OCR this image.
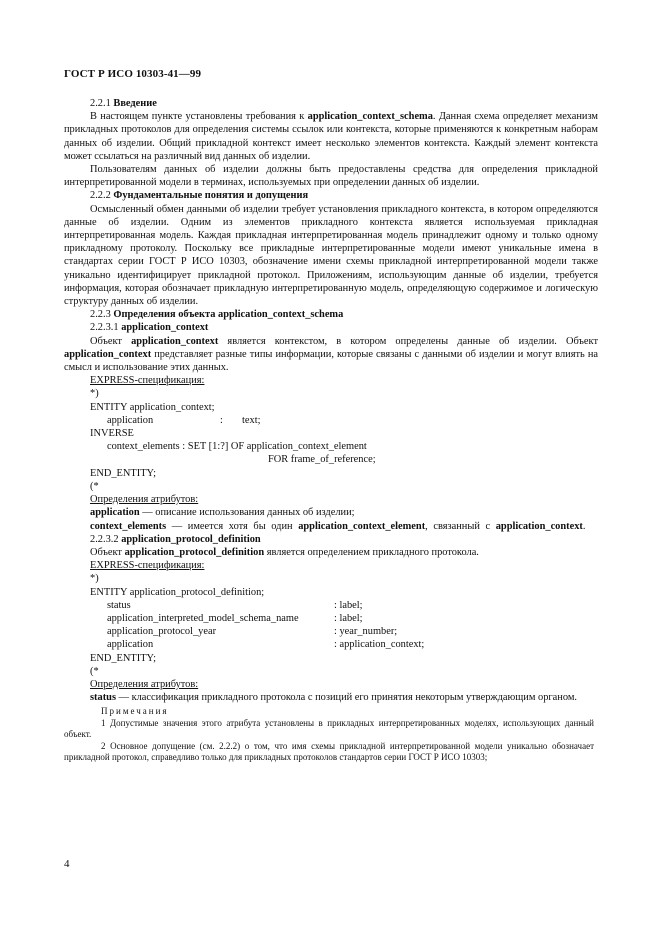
ГОСТ Р ИСО 10303-41—99

2.2.1 Введение

В настоящем пункте установлены требования к application_context_schema. Данная схема определяет механизм прикладных протоколов для определения системы ссылок или контекста, которые применяются к конкретным наборам данных об изделии. Общий прикладной контекст имеет несколько элементов контекста. Каждый элемент контекста может ссылаться на различный вид данных об изделии.

Пользователям данных об изделии должны быть предоставлены средства для определения прикладной интерпретированной модели в терминах, используемых при определении данных об изделии.

2.2.2 Фундаментальные понятия и допущения

Осмысленный обмен данными об изделии требует установления прикладного контекста, в котором определяются данные об изделии. Одним из элементов прикладного контекста является используемая прикладная интерпретированная модель. Каждая прикладная интерпретированная модель принадлежит одному и только одному прикладному протоколу. Поскольку все прикладные интерпретированные модели имеют уникальные имена в стандартах серии ГОСТ Р ИСО 10303, обозначение имени схемы прикладной интерпретированной модели также уникально идентифицирует прикладной протокол. Приложениям, использующим данные об изделии, требуется информация, которая обозначает прикладную интерпретированную модель, определяющую содержимое и логическую структуру данных об изделии.

2.2.3 Определения объекта application_context_schema

2.2.3.1 application_context

Объект application_context является контекстом, в котором определены данные об изделии. Объект application_context представляет разные типы информации, которые связаны с данными об изделии и могут влиять на смысл и использование этих данных.

EXPRESS-спецификация:

*)

ENTITY application_context;

application	:	text;

INVERSE

context_elements : SET [1:?] OF application_context_element

FOR frame_of_reference;

END_ENTITY;

(*

Определения атрибутов:

application — описание использования данных об изделии;

context_elements — имеется хотя бы один application_context_element, связанный с application_context.

2.2.3.2 application_protocol_definition

Объект application_protocol_definition является определением прикладного протокола.

EXPRESS-спецификация:

*)

ENTITY application_protocol_definition;

status	: label;
application_interpreted_model_schema_name	: label;
application_protocol_year	: year_number;
application	: application_context;

END_ENTITY;

(*

Определения атрибутов:

status — классификация прикладного протокола с позиций его принятия некоторым утверждающим органом.

Примечания

1 Допустимые значения этого атрибута установлены в прикладных интерпретированных моделях, использующих данный объект.

2 Основное допущение (см. 2.2.2) о том, что имя схемы прикладной интерпретированной модели уникально обозначает прикладной протокол, справедливо только для прикладных протоколов стандартов серии ГОСТ Р ИСО 10303;

4
